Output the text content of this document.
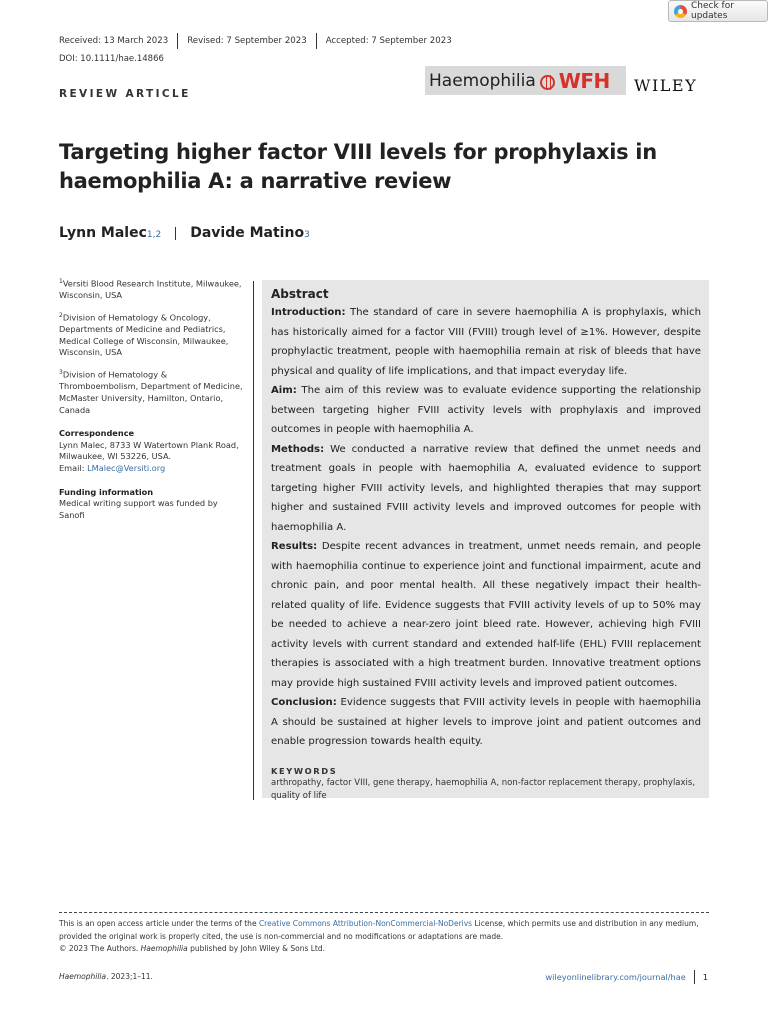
Check for updates
Received: 13 March 2023	Revised: 7 September 2023	Accepted: 7 September 2023
DOI: 10.1111/hae.14866
REVIEW ARTICLE
Haemophilia WFH WILEY
Targeting higher factor VIII levels for prophylaxis in haemophilia A: a narrative review
Lynn Malec 1,2 Davide Matino 3
$^1$Versiti Blood Research Institute, Milwaukee, Wisconsin, USA
$^2$Division of Hematology & Oncology, Departments of Medicine and Pediatrics, Medical College of Wisconsin, Milwaukee, Wisconsin, USA
$^3$Division of Hematology & Thromboembolism, Department of Medicine, McMaster University, Hamilton, Ontario, Canada
Correspondence
Lynn Malec, 8733 W Watertown Plank Road, Milwaukee, WI 53226, USA.
Email: LMalec@Versiti.org
Funding information
Medical writing support was funded by Sanofi
Abstract

Introduction: The standard of care in severe haemophilia A is prophylaxis, which has historically aimed for a factor VIII (FVIII) trough level of ≥1%. However, despite prophylactic treatment, people with haemophilia remain at risk of bleeds that have physical and quality of life implications, and that impact everyday life.

Aim: The aim of this review was to evaluate evidence supporting the relationship between targeting higher FVIII activity levels with prophylaxis and improved outcomes in people with haemophilia A.

Methods: We conducted a narrative review that defined the unmet needs and treatment goals in people with haemophilia A, evaluated evidence to support targeting higher FVIII activity levels, and highlighted therapies that may support higher and sustained FVIII activity levels and improved outcomes for people with haemophilia A.

Results: Despite recent advances in treatment, unmet needs remain, and people with haemophilia continue to experience joint and functional impairment, acute and chronic pain, and poor mental health. All these negatively impact their health-related quality of life. Evidence suggests that FVIII activity levels of up to 50% may be needed to achieve a near-zero joint bleed rate. However, achieving high FVIII activity levels with current standard and extended half-life (EHL) FVIII replacement therapies is associated with a high treatment burden. Innovative treatment options may provide high sustained FVIII activity levels and improved patient outcomes.

Conclusion: Evidence suggests that FVIII activity levels in people with haemophilia A should be sustained at higher levels to improve joint and patient outcomes and enable progression towards health equity.

KEYWORDS
arthropathy, factor VIII, gene therapy, haemophilia A, non-factor replacement therapy, prophylaxis, quality of life
This is an open access article under the terms of the Creative Commons Attribution-NonCommercial-NoDerivs License, which permits use and distribution in any medium, provided the original work is properly cited, the use is non-commercial and no modifications or adaptations are made.
© 2023 The Authors. Haemophilia published by John Wiley & Sons Ltd.
Haemophilia. 2023;1–11.	wileyonlinelibrary.com/journal/hae 1
